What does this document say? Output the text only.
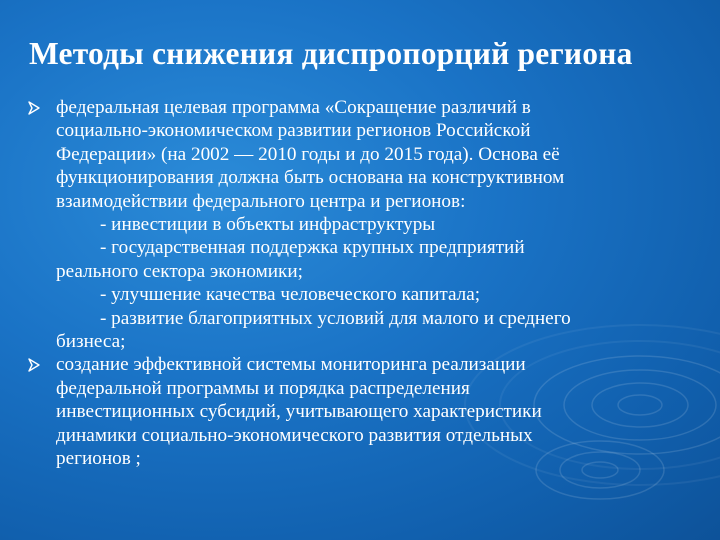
Методы снижения диспропорций региона
федеральная целевая программа «Сокращение различий в
социально-экономическом развитии регионов Российской
Федерации» (на 2002 — 2010 годы и до 2015 года). Основа её
функционирования должна быть основана на конструктивном
взаимодействии федерального центра и регионов:
- инвестиции в объекты инфраструктуры
- государственная поддержка крупных предприятий
реального сектора экономики;
- улучшение качества человеческого капитала;
- развитие благоприятных условий для малого и среднего
бизнеса;
создание эффективной системы мониторинга реализации
федеральной программы и порядка распределения
инвестиционных субсидий, учитывающего характеристики
динамики социально-экономического развития отдельных
регионов ;
